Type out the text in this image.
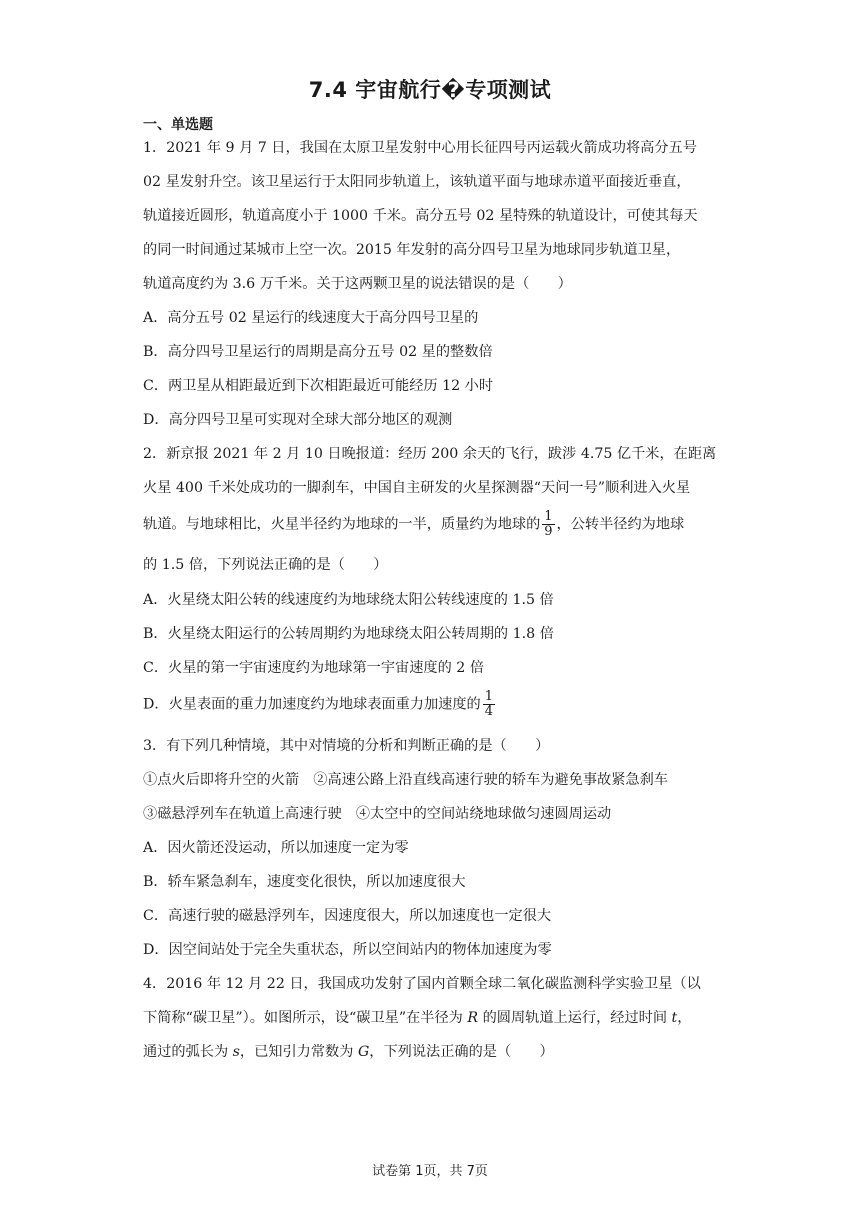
7.4 宇宙航行�专项测试
一、单选题
1．2021 年 9 月 7 日，我国在太原卫星发射中心用长征四号丙运载火箭成功将高分五号
02 星发射升空。该卫星运行于太阳同步轨道上，该轨道平面与地球赤道平面接近垂直，
轨道接近圆形，轨道高度小于 1000 千米。高分五号 02 星特殊的轨道设计，可使其每天
的同一时间通过某城市上空一次。2015 年发射的高分四号卫星为地球同步轨道卫星，
轨道高度约为 3.6 万千米。关于这两颗卫星的说法错误的是（　　）
A．高分五号 02 星运行的线速度大于高分四号卫星的
B．高分四号卫星运行的周期是高分五号 02 星的整数倍
C．两卫星从相距最近到下次相距最近可能经历 12 小时
D．高分四号卫星可实现对全球大部分地区的观测
2．新京报 2021 年 2 月 10 日晚报道：经历 200 余天的飞行，跋涉 4.75 亿千米，在距离
火星 400 千米处成功的一脚刹车，中国自主研发的火星探测器“天问一号”顺利进入火星
轨道。与地球相比，火星半径约为地球的一半，质量约为地球的 $\frac{1}{9}$ ，公转半径约为地球
的 1.5 倍，下列说法正确的是（　　）
A．火星绕太阳公转的线速度约为地球绕太阳公转线速度的 1.5 倍
B．火星绕太阳运行的公转周期约为地球绕太阳公转周期的 1.8 倍
C．火星的第一宇宙速度约为地球第一宇宙速度的 2 倍
D．火星表面的重力加速度约为地球表面重力加速度的 $\frac{1}{4}$
3．有下列几种情境，其中对情境的分析和判断正确的是（　　）
①点火后即将升空的火箭　②高速公路上沿直线高速行驶的轿车为避免事故紧急刹车
③磁悬浮列车在轨道上高速行驶　④太空中的空间站绕地球做匀速圆周运动
A．因火箭还没运动，所以加速度一定为零
B．轿车紧急刹车，速度变化很快，所以加速度很大
C．高速行驶的磁悬浮列车，因速度很大，所以加速度也一定很大
D．因空间站处于完全失重状态，所以空间站内的物体加速度为零
4．2016 年 12 月 22 日，我国成功发射了国内首颗全球二氧化碳监测科学实验卫星（以
下简称“碳卫星”）。如图所示，设“碳卫星”在半径为 R 的圆周轨道上运行，经过时间 t，
通过的弧长为 s，已知引力常数为 G，下列说法正确的是（　　）
试卷第 1页，共 7页
